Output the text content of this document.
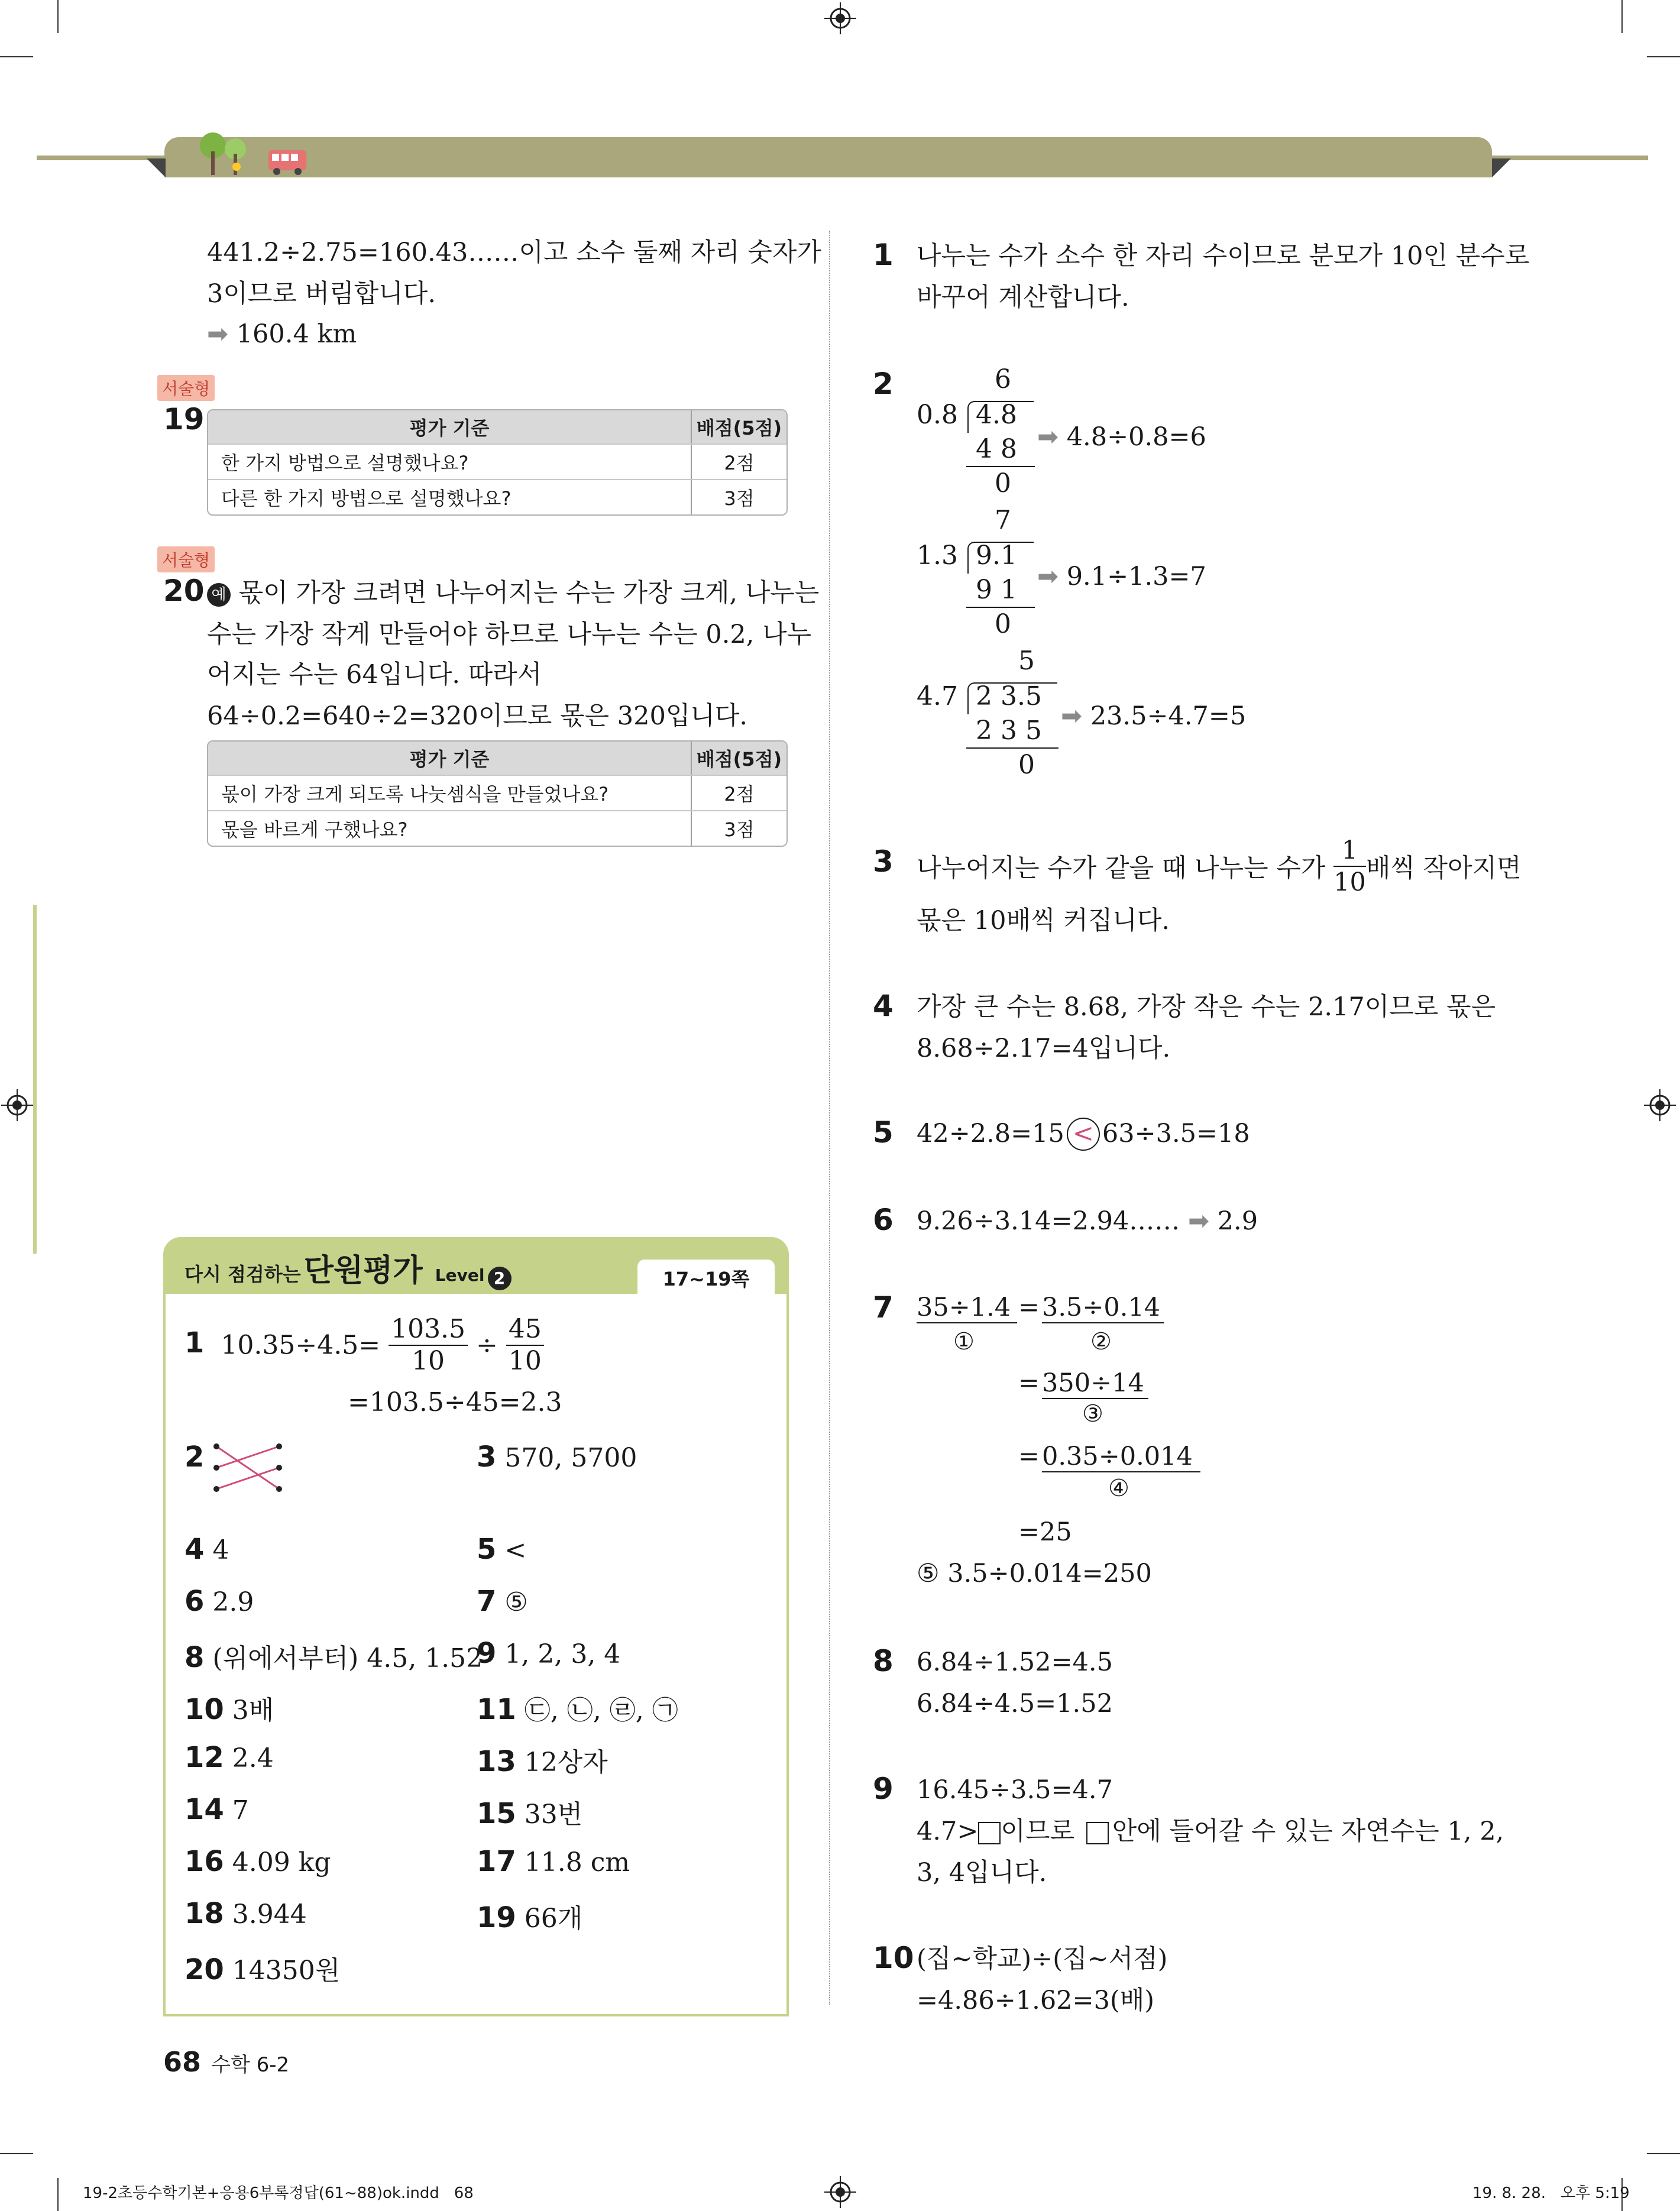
441.2÷2.75=160.43……이고 소수 둘째 자리 숫자가
3이므로 버림합니다.
➡ 160.4 km
서술형
19	평가 기준	배점(5점)
한 가지 방법으로 설명했나요?	2점
다른 한 가지 방법으로 설명했나요?	3점
서술형
20 예 몫이 가장 크려면 나누어지는 수는 가장 크게, 나누는
수는 가장 작게 만들어야 하므로 나누는 수는 0.2, 나누
어지는 수는 64입니다. 따라서
64÷0.2=640÷2=320이므로 몫은 320입니다.
평가 기준	배점(5점)
몫이 가장 크게 되도록 나눗셈식을 만들었나요?	2점
몫을 바르게 구했나요?	3점
다시 점검하는 단원평가 Level 2	17~19쪽
1 $10.35\div 4.5= \frac{103.5}{10} \div \frac{45}{10}$
=103.5÷45=2.3
2	3 570, 5700
4 4	5 <
6 2.9	7 ⑤
8 (위에서부터) 4.5, 1.52
9 1, 2, 3, 4
10 3배	11 ㉢, ㉡, ㉣, ㉠
12 2.4	13 12상자
14 7	15 33번
16 4.09 kg	17 11.8 cm
18 3.944	19 66개
20 14350원
1 나누는 수가 소수 한 자리 수이므로 분모가 10인 분수로
바꾸어 계산합니다.
2	6
0.8 4.8
4 8
0
➡ 4.8÷0.8=6
7
1.3 9.1
9 1
0
➡ 9.1÷1.3=7
5
4.7 2 3.5
2 3 5
0
➡ 23.5÷4.7=5
3 나누어지는 수가 같을 때 나누는 수가 $\frac{1}{10}$ 배씩 작아지면
몫은 10배씩 커집니다.
4 가장 큰 수는 8.68, 가장 작은 수는 2.17이므로 몫은
8.68÷2.17=4입니다.
5 42÷2.8=15 < 63÷3.5=18
6 9.26÷3.14=2.94…… ➡ 2.9
7 35÷1.4 = 3.5÷0.14
①	②
= 350÷14
③
= 0.35÷0.014
④
=25
⑤ 3.5÷0.014=250
8 6.84÷1.52=4.5
6.84÷4.5=1.52
9 16.45÷3.5=4.7
4.7> 이므로 안에 들어갈 수 있는 자연수는 1, 2,
3, 4입니다.
10 (집~학교)÷(집~서점)
=4.86÷1.62=3(배)
68 수학 6-2
19-2초등수학기본+응용6부록정답(61~88)ok.indd   68	19. 8. 28.   오후 5:19
